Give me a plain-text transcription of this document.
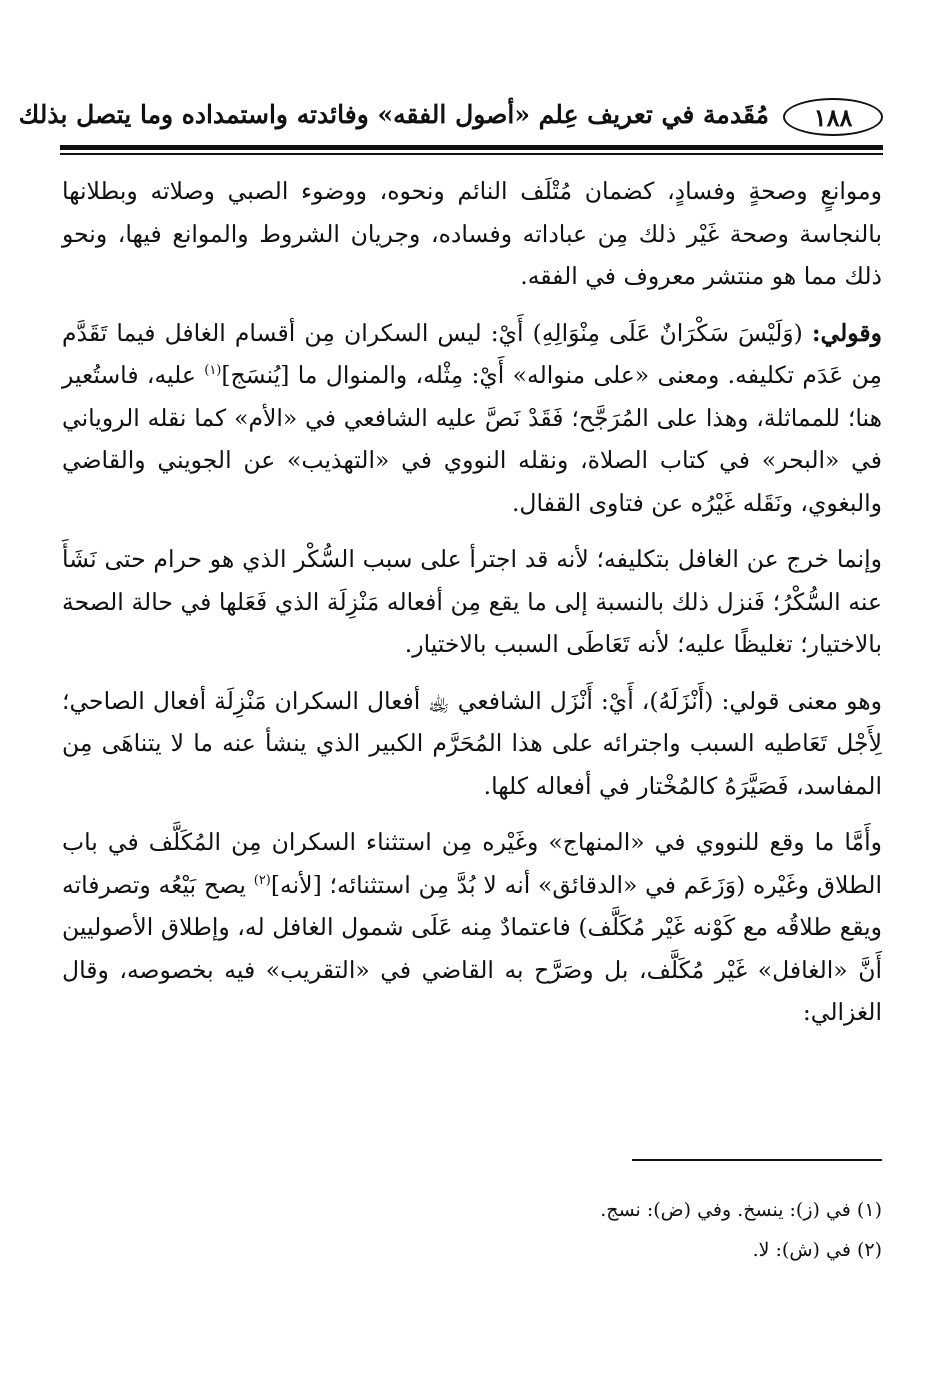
١٨٨
مُقَدمة في تعريف عِلم «أصول الفقه» وفائدته واستمداده وما يتصل بذلك

وموانعٍ وصحةٍ وفسادٍ، كضمان مُتْلَف النائم ونحوه، ووضوء الصبي وصلاته وبطلانها بالنجاسة وصحة غَيْر ذلك مِن عباداته وفساده، وجريان الشروط والموانع فيها، ونحو ذلك مما هو منتشر معروف في الفقه.

وقولي: (وَلَيْسَ سَكْرَانٌ عَلَى مِنْوَالِهِ) أَيْ: ليس السكران مِن أقسام الغافل فيما تَقَدَّم مِن عَدَم تكليفه. ومعنى «على منواله» أَيْ: مِثْله، والمنوال ما [يُنسَج]$^{(١)}$ عليه، فاستُعير هنا؛ للمماثلة، وهذا على المُرَجَّح؛ فَقَدْ نَصَّ عليه الشافعي في «الأم» كما نقله الروياني في «البحر» في كتاب الصلاة، ونقله النووي في «التهذيب» عن الجويني والقاضي والبغوي، ونَقَله غَيْرُه عن فتاوى القفال.

وإنما خرج عن الغافل بتكليفه؛ لأنه قد اجترأ على سبب السُّكْر الذي هو حرام حتى نَشَأَ عنه السُّكْرُ؛ فَنزل ذلك بالنسبة إلى ما يقع مِن أفعاله مَنْزِلَة الذي فَعَلها في حالة الصحة بالاختيار؛ تغليظًا عليه؛ لأنه تَعَاطَى السبب بالاختيار.

وهو معنى قولي: (أَنْزَلَهُ)، أَيْ: أَنْزَل الشافعي ﵀ أفعال السكران مَنْزِلَة أفعال الصاحي؛ لِأَجْل تَعَاطيه السبب واجترائه على هذا المُحَرَّم الكبير الذي ينشأ عنه ما لا يتناهَى مِن المفاسد، فَصَيَّرَهُ كالمُخْتار في أفعاله كلها.

وأَمَّا ما وقع للنووي في «المنهاج» وغَيْره مِن استثناء السكران مِن المُكَلَّف في باب الطلاق وغَيْره (وَزَعَم في «الدقائق» أنه لا بُدَّ مِن استثنائه؛ [لأنه]$^{(٢)}$ يصح بَيْعُه وتصرفاته ويقع طلاقُه مع كَوْنه غَيْر مُكَلَّف) فاعتمادٌ مِنه عَلَى شمول الغافل له، وإطلاق الأصوليين أَنَّ «الغافل» غَيْر مُكَلَّف، بل وصَرَّح به القاضي في «التقريب» فيه بخصوصه، وقال الغزالي:

(١) في (ز): ينسخ. وفي (ض): نسج.

(٢) في (ش): لا.
